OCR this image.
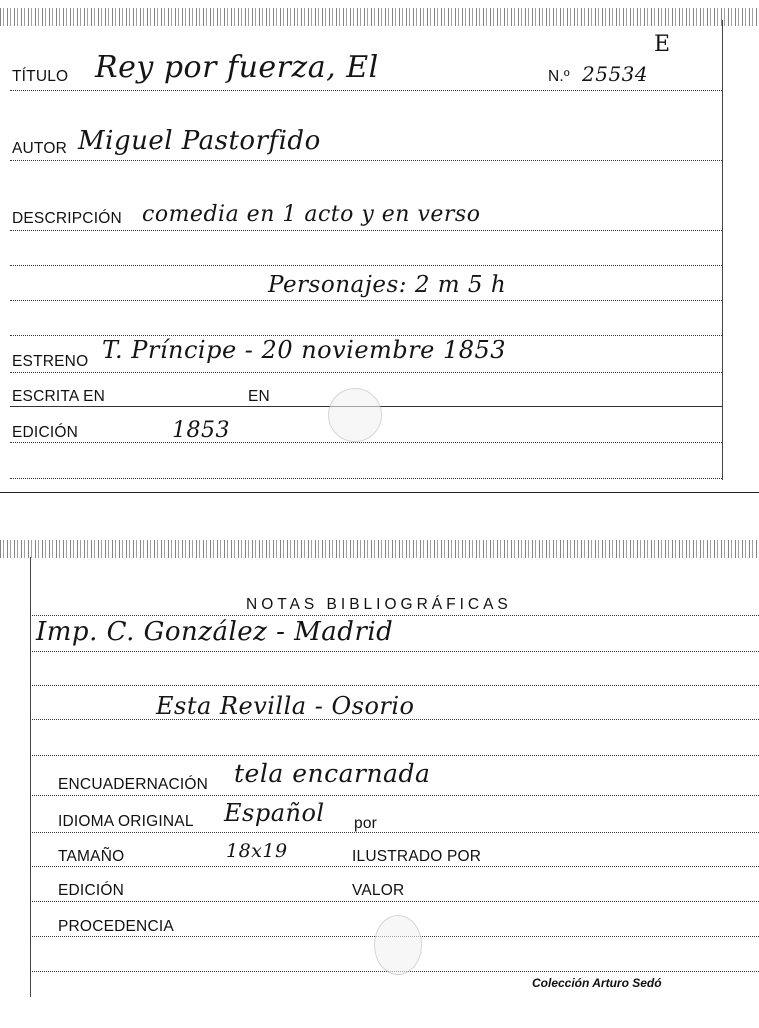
TÍTULO Rey por fuerza, El	N.º 25534
E
AUTOR Miguel Pastorfido
DESCRIPCIÓN comedia en 1 acto y en verso
Personajes: 2 m 5 h
ESTRENO T. Príncipe - 20 noviembre 1853
ESCRITA EN	EN
EDICIÓN	1853
NOTAS BIBLIOGRÁFICAS
Imp. C. González - Madrid
Esta Revilla - Osorio
ENCUADERNACIÓN tela encarnada
IDIOMA ORIGINAL Español por
TAMAÑO	18x19	ILUSTRADO POR
EDICIÓN	VALOR
PROCEDENCIA
Colección Arturo Sedó
